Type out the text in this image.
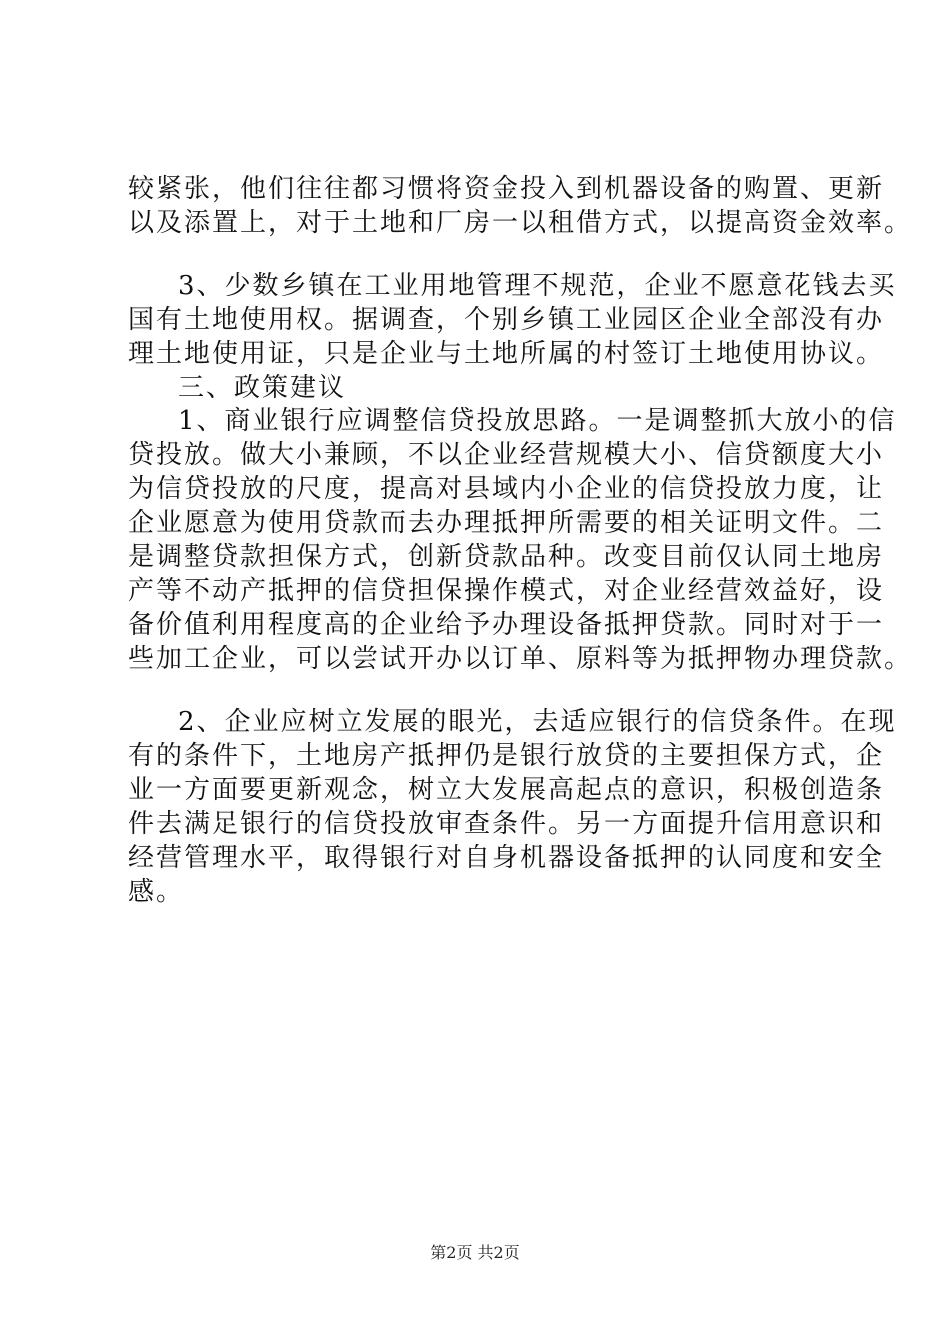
较紧张，他们往往都习惯将资金投入到机器设备的购置、更新
以及添置上，对于土地和厂房一以租借方式，以提高资金效率。
3、少数乡镇在工业用地管理不规范，企业不愿意花钱去买
国有土地使用权。据调查，个别乡镇工业园区企业全部没有办
理土地使用证，只是企业与土地所属的村签订土地使用协议。
三、政策建议
1、商业银行应调整信贷投放思路。一是调整抓大放小的信
贷投放。做大小兼顾，不以企业经营规模大小、信贷额度大小
为信贷投放的尺度，提高对县域内小企业的信贷投放力度，让
企业愿意为使用贷款而去办理抵押所需要的相关证明文件。二
是调整贷款担保方式，创新贷款品种。改变目前仅认同土地房
产等不动产抵押的信贷担保操作模式，对企业经营效益好，设
备价值利用程度高的企业给予办理设备抵押贷款。同时对于一
些加工企业，可以尝试开办以订单、原料等为抵押物办理贷款。
2、企业应树立发展的眼光，去适应银行的信贷条件。在现
有的条件下，土地房产抵押仍是银行放贷的主要担保方式，企
业一方面要更新观念，树立大发展高起点的意识，积极创造条
件去满足银行的信贷投放审查条件。另一方面提升信用意识和
经营管理水平，取得银行对自身机器设备抵押的认同度和安全
感。
第2页 共2页
